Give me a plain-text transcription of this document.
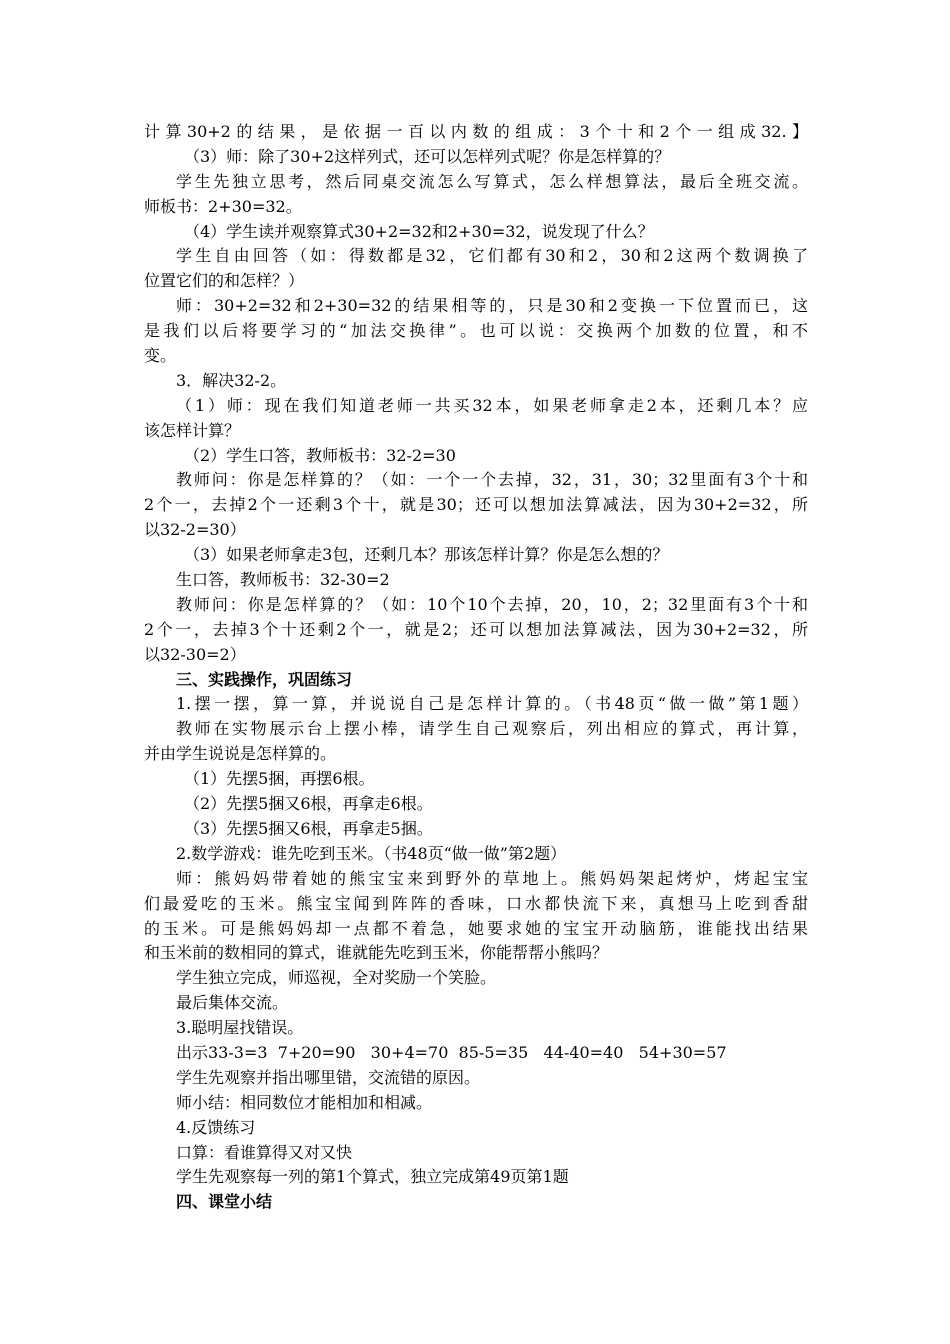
计算30+2的结果，是依据一百以内数的组成：3个十和2个一组成32.】
（3）师：除了30+2这样列式，还可以怎样列式呢？你是怎样算的？
学生先独立思考，然后同桌交流怎么写算式，怎么样想算法，最后全班交流。
师板书：2+30=32。
（4）学生读并观察算式30+2=32和2+30=32，说发现了什么？
学生自由回答（如：得数都是32，它们都有30和2，30和2这两个数调换了
位置它们的和怎样？）
师：30+2=32和2+30=32的结果相等的，只是30和2变换一下位置而已，这
是我们以后将要学习的“加法交换律”。也可以说：交换两个加数的位置，和不
变。
3．解决32-2。
（1）师：现在我们知道老师一共买32本，如果老师拿走2本，还剩几本？应
该怎样计算？
（2）学生口答，教师板书：32-2=30
教师问：你是怎样算的？（如：一个一个去掉，32，31，30；32里面有3个十和
2个一，去掉2个一还剩3个十，就是30；还可以想加法算减法，因为30+2=32，所
以32-2=30）
（3）如果老师拿走3包，还剩几本？那该怎样计算？你是怎么想的？
生口答，教师板书：32-30=2
教师问：你是怎样算的？（如：10个10个去掉，20，10，2；32里面有3个十和
2个一，去掉3个十还剩2个一，就是2；还可以想加法算减法，因为30+2=32，所
以32-30=2）
三、实践操作，巩固练习
1.摆一摆，算一算，并说说自己是怎样计算的。（书48页“做一做”第1题）
教师在实物展示台上摆小棒，请学生自己观察后，列出相应的算式，再计算，
并由学生说说是怎样算的。
（1）先摆5捆，再摆6根。
（2）先摆5捆又6根，再拿走6根。
（3）先摆5捆又6根，再拿走5捆。
2.数学游戏：谁先吃到玉米。（书48页“做一做”第2题）
师：熊妈妈带着她的熊宝宝来到野外的草地上。熊妈妈架起烤炉，烤起宝宝
们最爱吃的玉米。熊宝宝闻到阵阵的香味，口水都快流下来，真想马上吃到香甜
的玉米。可是熊妈妈却一点都不着急，她要求她的宝宝开动脑筋，谁能找出结果
和玉米前的数相同的算式，谁就能先吃到玉米，你能帮帮小熊吗？
学生独立完成，师巡视，全对奖励一个笑脸。
最后集体交流。
3.聪明屋找错误。
出示33-3=3  7+20=90   30+4=70  85-5=35   44-40=40   54+30=57
学生先观察并指出哪里错，交流错的原因。
师小结：相同数位才能相加和相减。
4.反馈练习
口算：看谁算得又对又快
学生先观察每一列的第1个算式，独立完成第49页第1题
四、课堂小结
